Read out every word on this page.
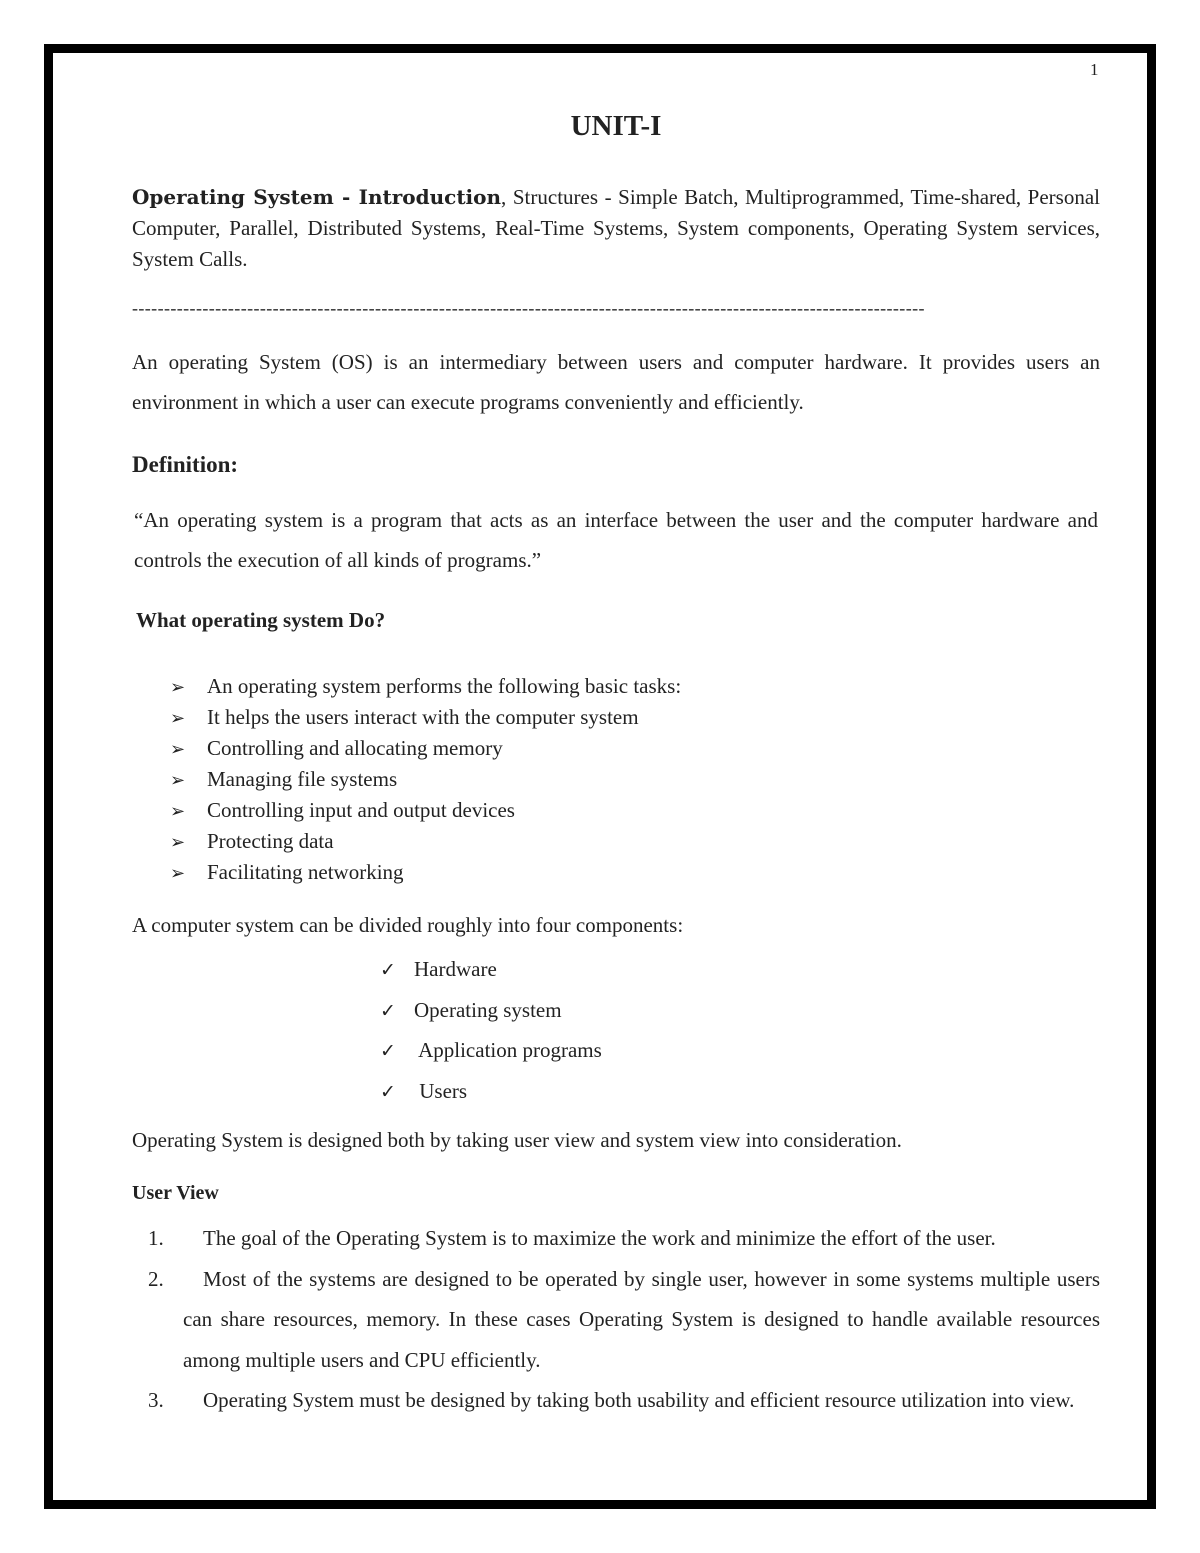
1
UNIT-I
Operating System - Introduction, Structures - Simple Batch, Multiprogrammed, Time-shared, Personal Computer, Parallel, Distributed Systems, Real-Time Systems, System components, Operating System services, System Calls.
----------------------------------------------------------------------------------------------------------------------------
An operating System (OS) is an intermediary between users and computer hardware. It provides users an environment in which a user can execute programs conveniently and efficiently.
Definition:
“An operating system is a program that acts as an interface between the user and the computer hardware and controls the execution of all kinds of programs.”
What operating system Do?
➢ An operating system performs the following basic tasks:
➢ It helps the users interact with the computer system
➢ Controlling and allocating memory
➢ Managing file systems
➢ Controlling input and output devices
➢ Protecting data
➢ Facilitating networking
A computer system can be divided roughly into four components:
✓ Hardware
✓ Operating system
✓ Application programs
✓ Users
Operating System is designed both by taking user view and system view into consideration.
User View
1.	The goal of the Operating System is to maximize the work and minimize the effort of the user.
2.	Most of the systems are designed to be operated by single user, however in some systems multiple users can share resources, memory. In these cases Operating System is designed to handle available resources among multiple users and CPU efficiently.
3.	Operating System must be designed by taking both usability and efficient resource utilization into view.
